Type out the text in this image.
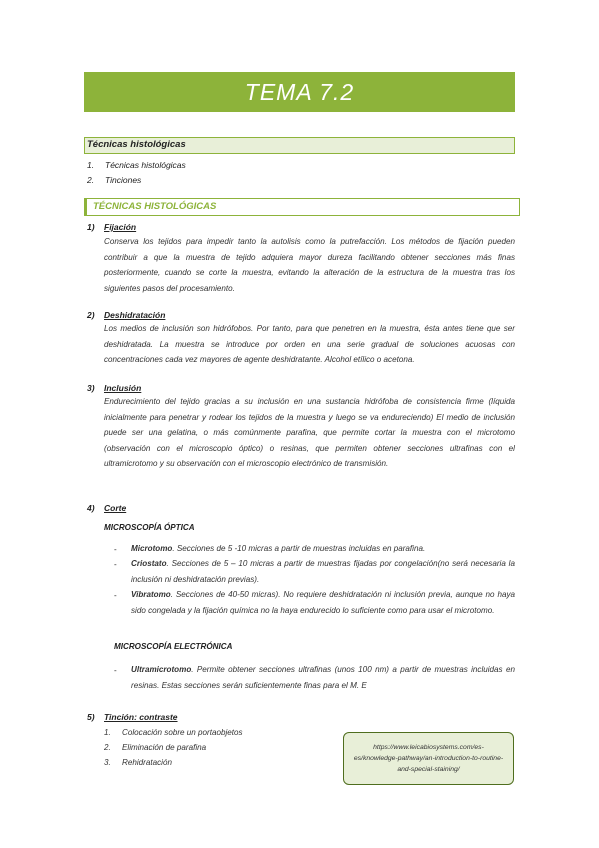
TEMA 7.2
Técnicas histológicas
1. Técnicas histológicas
2. Tinciones
TÉCNICAS HISTOLÓGICAS
1) Fijación
Conserva los tejidos para impedir tanto la autolisis como la putrefacción. Los métodos de fijación pueden contribuir a que la muestra de tejido adquiera mayor dureza facilitando obtener secciones más finas posteriormente, cuando se corte la muestra, evitando la alteración de la estructura de la muestra tras los siguientes pasos del procesamiento.
2) Deshidratación
Los medios de inclusión son hidrófobos. Por tanto, para que penetren en la muestra, ésta antes tiene que ser deshidratada. La muestra se introduce por orden en una serie gradual de soluciones acuosas con concentraciones cada vez mayores de agente deshidratante. Alcohol etílico o acetona.
3) Inclusión
Endurecimiento del tejido gracias a su inclusión en una sustancia hidrófoba de consistencia firme (líquida inicialmente para penetrar y rodear los tejidos de la muestra y luego se va endureciendo) El medio de inclusión puede ser una gelatina, o más comúnmente parafina, que permite cortar la muestra con el microtomo (observación con el microscopio óptico) o resinas, que permiten obtener secciones ultrafinas con el ultramicrotomo y su observación con el microscopio electrónico de transmisión.
4) Corte
MICROSCOPÍA ÓPTICA
- Microtomo. Secciones de 5 -10 micras a partir de muestras incluidas en parafina.
- Criostato. Secciones de 5 – 10 micras a partir de muestras fijadas por congelación(no será necesaria la inclusión ni deshidratación previas).
- Vibratomo. Secciones de 40-50 micras). No requiere deshidratación ni inclusión previa, aunque no haya sido congelada y la fijación química no la haya endurecido lo suficiente como para usar el microtomo.
MICROSCOPÍA ELECTRÓNICA
- Ultramicrotomo. Permite obtener secciones ultrafinas (unos 100 nm) a partir de muestras incluidas en resinas. Estas secciones serán suficientemente finas para el M. E
5) Tinción: contraste
1. Colocación sobre un portaobjetos
2. Eliminación de parafina
3. Rehidratación
https://www.leicabiosystems.com/es-es/knowledge-pathway/an-introduction-to-routine-and-special-staining/
